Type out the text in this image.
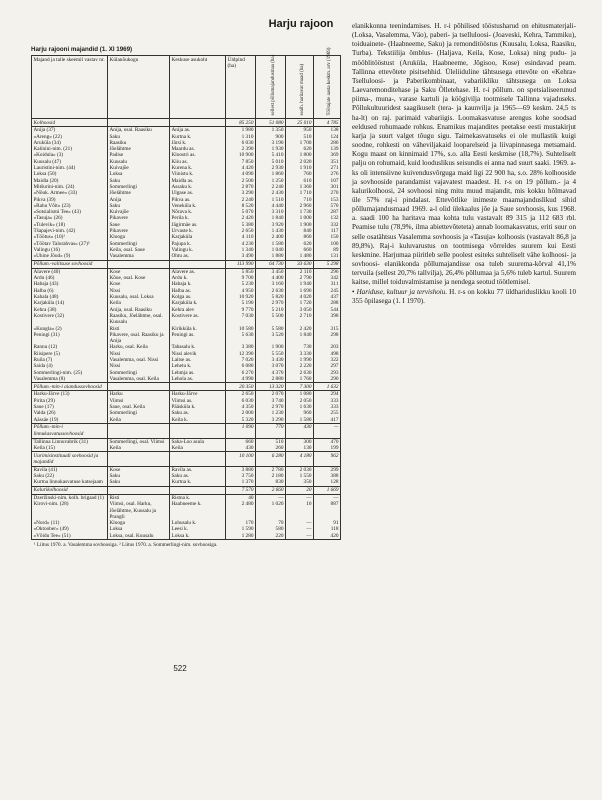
Harju rajoon
Harju rajooni majandid (1. XI 1969)
Majand ja talle skeemil vastav nr.	Külanõukogu	Keskuse asukoht	Üldpind (ha)	sellest põllumajandusmaa (ha)	sealh. haritavat maad (ha)	Töötajate aasta keskm. arv (1969)

Kolhoosid			85 250	51 080	25 010	4 785
Anija (37)	Anija, osal. Raasiku	Anija as.	1 980	1 350	950	138
«Areng» (22)	Saku	Kurtna k.	1 310	900	510	124
Aruküla (34)	Raasiku	Järsi k.	6 030	3 190	1 700	286
Kalinini-nim. (21)	Jõelähtme	Maardu as.	2 390	1 930	620	139
«Koidula» (3)	Padise	Kloostri as.	10 900	5 410	1 800	369
Kuusalu (47)	Kuusalu	Kiiu as.	7 850	5 010	2 020	351
Lauristini-nim. (44)	Kuivajõe	Kurena k.	4 420	2 930	1 910	271
Loksa (50)	Loksa	Viinistu k.	4 090	1 860	760	276
Maidla (20)	Saku	Maidla as.	2 500	1 250	610	107
Mitšurini-nim. (24)	Sommerlingi	Assaku k.	2 870	2 240	1 360	301
«Nõuk. Armee» (33)	Jõelähtme	Ülgase as.	3 290	2 430	1 710	270
Pikva (39)	Anija	Pikva as.	2 240	1 510	710	153
«Rahu Võit» (23)	Saku	Veneküla k.	8 520	4 440	2 960	570
«Sotsialismi Tee» (43)	Kuivajõe	Nõrava k.	5 070	3 310	1 730	287
«Tasuja» (26)	Pikavere	Perila k.	2 420	1 840	1 000	132
«Tulevik» (18)	Saue	Jägirmäe as.	5 380	3 920	1 900	332
Tšapajevi-nim. (42)	Pikavere	Urvaste k.	2 650	1 430	840	117
«Töötus» (10)¹	Klooga	Karjaküla	4 110	2 400	860	150
«Töötav Talurahvas» (27)²	Sommerlingi	Pajupa k.	4 230	1 580	620	100
Valingu (16)	Keila, osal. Saue	Valingu k.	1 340	1 040	660	89
«Uhine Jõud» (9)	Vasalemma	Ohtu as.	3 490	1 880	1 480	131
Põllum.-valitsuse sovhoosid			113 990	64 730	33 630	5 298
Alavere (40)	Kose	Alavere as.	5 850	3 450	2 110	296
Ardu (46)	Kõue, osal. Kose	Ardu k.	9 700	4 400	2 790	342
Habaja (43)	Kose	Habaja k.	5 230	3 160	1 940	311
Halba (6)	Nissi	Halba as.	4 950	2 630	1 690	245
Kahala (48)	Kuusalu, osal. Loksa	Kolga as.	10 920	5 820	4 020	437
Karjaküla (14)	Keila	Karjaküla k.	5 190	2 970	1 720	288
Kehra (38)	Anija, osal. Raasiku	Kehra alev	9 770	5 210	3 050	544
Kostivere (32)	Raasiku, Jõelähtme, osal. Kuusalu	Kostivere as.	7 030	5 500	2 710	398
«Kungla» (2)	Risti	Kirikküla k.	10 580	5 580	2 420	315
Peningi (31)	Pikavere, osal. Raasiku ja Anija	Peningi as.	5 630	3 520	1 840	298
Rannu (12)	Harku, osal. Keila	Tabasalu k.	3 380	1 900	730	203
Riisipere (5)	Nissi	Nissi alevik	12 390	5 550	3 330	498
Ruila (7)	Vasalemma, osal. Nissi	Laitse as.	7 020	3 430	1 990	322
Saida (4)	Nissi	Lehetu k.	6 080	3 070	2 220	297
Sommerlingi-nim. (25)	Sommerlingi	Lehmja as.	6 270	4 370	2 630	293
Vasalemma (8)	Vasalemma, osal. Keila	Lehola as.	4 990	2 880	1 760	290
Põllum.-min-i aiandussovhoosid			20 350	13 320	7 300	1 632
Harku-Järve (13)	Harku	Harku-Järve	2 650	2 070	1 080	294
Pirita (29)	Viimsi	Viimsi as.	6 030	3 740	2 050	333
Saue (17)	Saue, osal. Keila	Pääsküla k.	4 350	2 970	1 630	333
Valda (26)	Sommerlingi	Saku as.	2 000	1 230	960	255
Äässäe (19)	Keila	Keila k.	5 320	3 290	1 580	417
Põllum.-min-i linnukasvatussovhoosid			1 090	770	430	—
Tallinna Linnuvabrik (31)	Sommerlingi, osal. Viimsi	Saha-Loo asula	660	510	300	470
Keila (15)	Keila	Keila	430	260	130	199
Uurimisinstituudi sovhoosid ja majandid			10 100	6 280	4 180	962
Ravila (41)	Kose	Ravila as.	3 880	2 780	2 030	299
Saku (22)	Saku	Saku as.	3 750	2 180	1 550	388
Kurtna linnukasvatuse katsejaam	Saku	Kurtna k.	1 370	830	350	128
Kalurikolhoosid			7 570	2 660	20	1 669
Dzeržinski-nim. kolh. brigaad (1)	Risti	Ristna k.	40	—	—	—
Kirovi-nim. (28)	Viimsi, osal. Harku, Jõelähtme, Kuusalu ja Prangli	Haabneeme k.	2 480	1 020	10	887
«Nord» (11)	Klooga	Lohusalu k.	170	70	—	91
«Oktoober» (49)	Loksa	Leesi k.	1 590	580	—	118
«Võidu Tee» (51)	Loksa, osal. Kuusalu	Loksa k.	1 280	220	—	420
¹ Liitus 1970. a. Vasalemma sovhoosiga. ² Liitus 1970. a. Sommerlingi-nim. sovhoosiga.

elanikkonna teenindamises. H. r-i põhilised tööstusharud on ehitusmaterjali- (Loksa, Vasalemma, Väo), paberi- ja tselluloosi- (Joaveski, Kehra, Tammiku), toiduainete- (Haabneeme, Saku) ja remonditööstus (Kuusalu, Loksa, Raasiku, Turba). Tekstiilija õmblus- (Haljava, Keila, Kose, Loksa) ning pudu- ja mööblitööstust (Aruküla, Haabneeme, Jõgisoo, Kose) esindavad peam. Tallinna ettevõtete pisitsehhid. Üleliiduline tähtsusega ettevõte on «Kehra» Tselluloosi- ja Paberikombinaat, vabariikliku tähtsusega on Loksa Laevaremonditehase ja Saku Õlletehase. H. r-i põllum. on spetsialiseerunud piima-, muna-, varase kartuli ja köögivilja tootmisele Tallinna vajaduseks. Põllukultuuridest saagikuselt (tera- ja kaunvilja ja 1965—69 keskm. 24,5 ts ha-lt) on raj. parimaid vabariigis. Loomakasvatuse arengus kohe soodsad eeldused rohumaade rohkus. Enamikus majandites peetakse eesti mustakirjut karja ja suurt valget tõugu sigu. Taimekasvatuseks ei ole mullastik kuigi soodne, rohkesti on väheviljakaid looparelseid ja liivapinnasega metsamaid. Kogu maast on kinnimaid 17%, s.o. alla Eesti keskmise (18,7%). Suhteliselt palju on rohumaid, kuid looduslikus seisundis ei anna nad suurt saaki. 1969. a-ks oli intensiivne kuivendusvõrguga maid ligi 22 900 ha, s.o. 28% kolhooside ja sovhooside parandamist vajavatest maadest. H. r-s on 19 põllum.- ja 4 kalurikolhoosi, 24 sovhoosi ning mitu muud majandit, mis kokku hõlmavad üle 57% raj-i pindalast. Ettevõtlike inimeste maamajanduslikud sihid põllumajandusmaad 1969. a-l olid ülekaalus jõe ja Saue sovhoosis, kus 1968. a. saadi 100 ha haritava maa kohta tulu vastavalt 89 315 ja 112 683 rbl. Peamise tulu (78,9%, ilma abiettevõteteta) annab loomakasvatus, eriti suur on selle osatähtsus Vasalemma sovhoosis ja «Tasuja» kolhoosis (vastavalt 86,8 ja 89,8%). Raj-i kuluvarustus on tootmisega võrreldes suurem kui Eesti keskmine. Harjumaa piiritleb selle poolest esiteks suhteliselt vähe kolhoosi- ja sovhoosi- elanikkonda põllumajandisse osa tuleb suurema-kõrval 41,1% tervuila (sellest 20,7% tallvilja), 26,4% põllumaa ja 5,6% tuleb kartul. Suurem kaitse, millel toiduvalmistamise ja nendega seotud töötlemisel.

• Hariduse, kultuur ja tervishoiu. H. r-s on kokku 77 üldhariduslikku kooli 10 355 õpilasega (1. I 1970).
522
